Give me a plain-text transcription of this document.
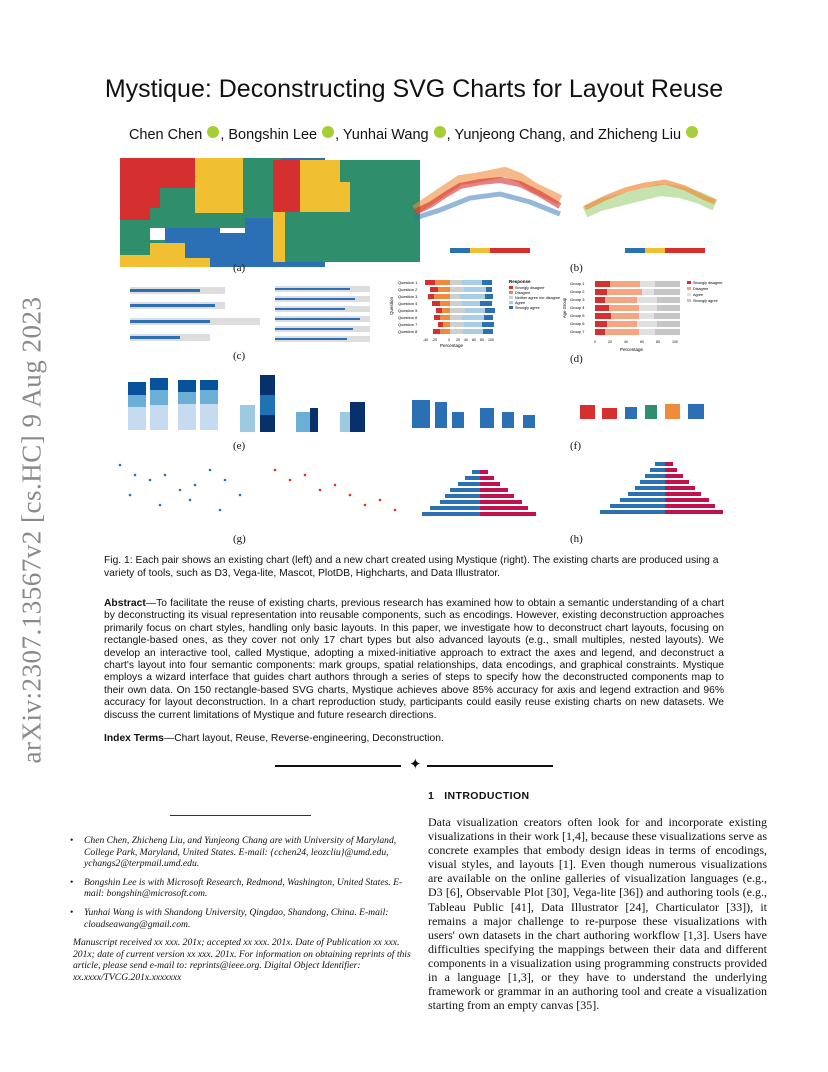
arXiv:2307.13567v2 [cs.HC] 9 Aug 2023
Mystique: Deconstructing SVG Charts for Layout Reuse
Chen Chen , Bongshin Lee , Yunhai Wang , Yunjeong Chang, and Zhicheng Liu
Question 1
Question 2
Question 3
Question 4
Question 5
Question 6
Question 7
Question 8
Response
Strongly disagree
Disagree
Neither agree nor disagree
Agree
Strongly agree
Question
Percentage
-40 -20	0 20 40 60 80 100
Group 1
Group 2
Group 3
Group 4
Group 5
Group 6
Group 7
Strongly disagree
Disagree
Agree
Strongly agree
Age Group
Percentage
0	20	40	60	80	100
(a)	(b)
(c)	(d)
(e)	(f)
(g)	(h)
Fig. 1: Each pair shows an existing chart (left) and a new chart created using Mystique (right). The existing charts are produced using a variety of tools, such as D3, Vega-lite, Mascot, PlotDB, Highcharts, and Data Illustrator.
Abstract—To facilitate the reuse of existing charts, previous research has examined how to obtain a semantic understanding of a chart by deconstructing its visual representation into reusable components, such as encodings. However, existing deconstruction approaches primarily focus on chart styles, handling only basic layouts. In this paper, we investigate how to deconstruct chart layouts, focusing on rectangle-based ones, as they cover not only 17 chart types but also advanced layouts (e.g., small multiples, nested layouts). We develop an interactive tool, called Mystique, adopting a mixed-initiative approach to extract the axes and legend, and deconstruct a chart's layout into four semantic components: mark groups, spatial relationships, data encodings, and graphical constraints. Mystique employs a wizard interface that guides chart authors through a series of steps to specify how the deconstructed components map to their own data. On 150 rectangle-based SVG charts, Mystique achieves above 85% accuracy for axis and legend extraction and 96% accuracy for layout deconstruction. In a chart reproduction study, participants could easily reuse existing charts on new datasets. We discuss the current limitations of Mystique and future research directions.
Index Terms—Chart layout, Reuse, Reverse-engineering, Deconstruction.
✦
• Chen Chen, Zhicheng Liu, and Yunjeong Chang are with University of Maryland, College Park, Maryland, United States. E-mail: {cchen24, leozcliu}@umd.edu, ychangs2@terpmail.umd.edu.
• Bongshin Lee is with Microsoft Research, Redmond, Washington, United States. E-mail: bongshin@microsoft.com.
• Yunhai Wang is with Shandong University, Qingdao, Shandong, China. E-mail: cloudseawang@gmail.com.
Manuscript received xx xxx. 201x; accepted xx xxx. 201x. Date of Publication xx xxx. 201x; date of current version xx xxx. 201x. For information on obtaining reprints of this article, please send e-mail to: reprints@ieee.org. Digital Object Identifier: xx.xxxx/TVCG.201x.xxxxxxx
1 INTRODUCTION
Data visualization creators often look for and incorporate existing visualizations in their work [1,4], because these visualizations serve as concrete examples that embody design ideas in terms of encodings, visual styles, and layouts [1]. Even though numerous visualizations are available on the online galleries of visualization languages (e.g., D3 [6], Observable Plot [30], Vega-lite [36]) and authoring tools (e.g., Tableau Public [41], Data Illustrator [24], Charticulator [33]), it remains a major challenge to re-purpose these visualizations with users' own datasets in the chart authoring workflow [1,3]. Users have difficulties specifying the mappings between their data and different components in a visualization using programming constructs provided in a language [1,3], or they have to understand the underlying framework or grammar in an authoring tool and create a visualization starting from an empty canvas [35].
